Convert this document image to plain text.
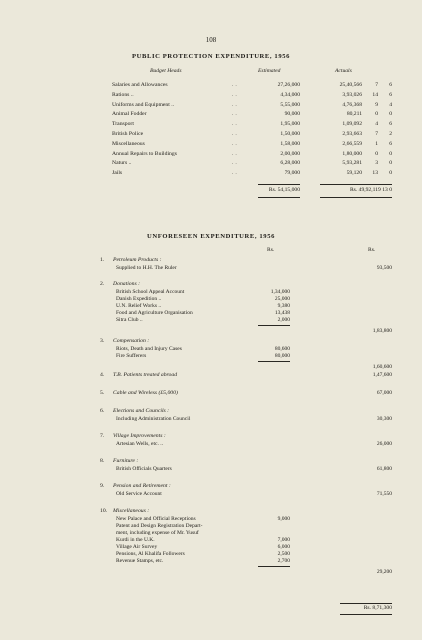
108
PUBLIC PROTECTION EXPENDITURE, 1956
Budget Heads	Estimated	Actuals
Salaries and Allowances	..	27,26,000	25,40,566	7	6
Rations ..	..	4,34,000	3,93,026	14	6
Uniforms and Equipment ..	..	5,55,000	4,76,368	9	4
Animal Fodder	..	90,000	80,211	0	0
Transport	..	1,95,000	1,09,092	4	6
British Police	..	1,50,000	2,93,663	7	2
Miscellaneous	..	1,58,000	2,66,559	1	6
Annual Repairs to Buildings	..	2,00,000	1,80,000	0	0
Naturs ..	..	6,28,000	5,93,281	3	0
Jails	..	79,000	59,120	13	0
Rs. 54,15,000	Rs. 49,92,119 13 0
UNFORESEEN EXPENDITURE, 1956
Rs.	Rs.
1. Petroleum Products :
Supplied to H.H. The Ruler	93,500
2. Donations :
British School Appeal Account	1,34,000
Danish Expedition ..	25,000
U.N. Relief Works ..	9,380
Food and Agriculture Organisation	13,438
Sitra Club ..	2,000
1,83,800
3. Compensation :
Riots, Death and Injury Cases	80,600
Fire Sufferers	80,000
1,60,600
4. T.B. Patients treated abroad	1,47,600
5. Cable and Wireless (£5,000)	67,000
6. Elections and Councils :
Including Administration Council	30,300
7. Village Improvements :
Artesian Wells, etc. ..	26,000
8. Furniture :
British Officials Quarters	61,800
9. Pension and Retirement :
Old Service Account	71,550
10. Miscellaneous :
New Palace and Official Receptions	9,000
Patent and Design Registration Depart-
ment, including expense of Mr. Yusuf
Kurdi in the U.K.	7,000
Village Air Survey	6,000
Pensions, Al Khalifa Followers	2,500
Revenue Stamps, etc.	2,700
29,200
Rs. 8,71,300
